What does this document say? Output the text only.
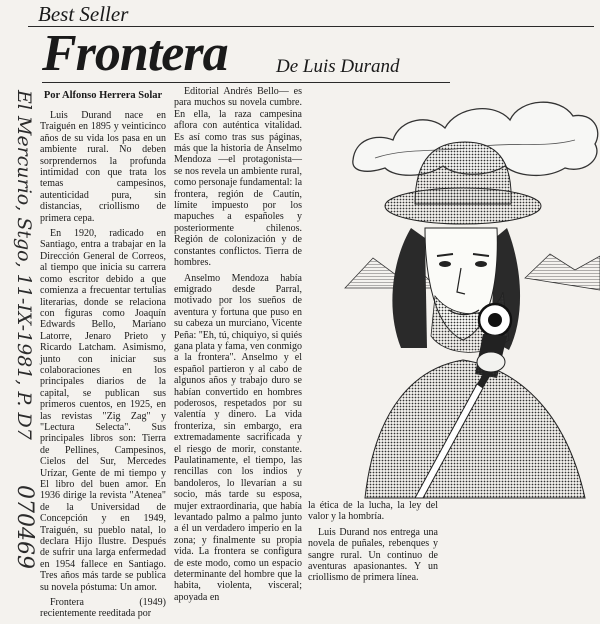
Best Seller
Frontera	De Luis Durand
El Mercurio, Stgo, 11-IX-1981, P. D7
070469
Por Alfonso Herrera Solar

Luis Durand nace en Traiguén en 1895 y veinticinco años de su vida los pasa en un ambiente rural. No deben sorprendernos la profunda intimidad con que trata los temas campesinos, autenticidad pura, sin distancias, criollismo de primera cepa.

En 1920, radicado en Santiago, entra a trabajar en la Dirección General de Correos, al tiempo que inicia su carrera como escritor debido a que comienza a frecuentar tertulias literarias, donde se relaciona con figuras como Joaquín Edwards Bello, Mariano Latorre, Jenaro Prieto y Ricardo Latcham. Asimismo, junto con iniciar sus colaboraciones en los principales diarios de la capital, se publican sus primeros cuentos, en 1925, en las revistas "Zig Zag" y "Lectura Selecta". Sus principales libros son: Tierra de Pellines, Campesinos, Cielos del Sur, Mercedes Urízar, Gente de mi tiempo y El libro del buen amor. En 1936 dirige la revista "Atenea" de la Universidad de Concepción y en 1949, Traiguén, su pueblo natal, lo declara Hijo Ilustre. Después de sufrir una larga enfermedad en 1954 fallece en Santiago. Tres años más tarde se publica su novela póstuma: Un amor.

Frontera (1949) recientemente reeditada por

Editorial Andrés Bello— es para muchos su novela cumbre. En ella, la raza campesina aflora con auténtica vitalidad. Es así como tras sus páginas, más que la historia de Anselmo Mendoza —el protagonista— se nos revela un ambiente rural, como personaje fundamental: la frontera, región de Cautín, límite impuesto por los mapuches a españoles y posteriormente chilenos. Región de colonización y de constantes conflictos. Tierra de hombres.

Anselmo Mendoza había emigrado desde Parral, motivado por los sueños de aventura y fortuna que puso en su cabeza un murciano, Vicente Peña: "Eh, tú, chiquiyo, si quiés gana plata y fama, ven conmigo a la frontera". Anselmo y el español partieron y al cabo de algunos años y trabajo duro se habían convertido en hombres poderosos, respetados por su valentía y dinero. La vida fronteriza, sin embargo, era extremadamente sacrificada y el riesgo de morir, constante. Paulatinamente, el tiempo, las rencillas con los indios y bandoleros, lo llevarían a su socio, más tarde su esposa, mujer extraordinaria, que había levantado palmo a palmo junto a él un verdadero imperio en la zona; y finalmente su propia vida. La frontera se configura de este modo, como un espacio determinante del hombre que la habita, violenta, visceral; apoyada en

la ética de la lucha, la ley del valor y la hombría.

Luis Durand nos entrega una novela de puñales, rebenques y sangre rural. Un continuo de aventuras apasionantes. Y un criollismo de primera línea.
